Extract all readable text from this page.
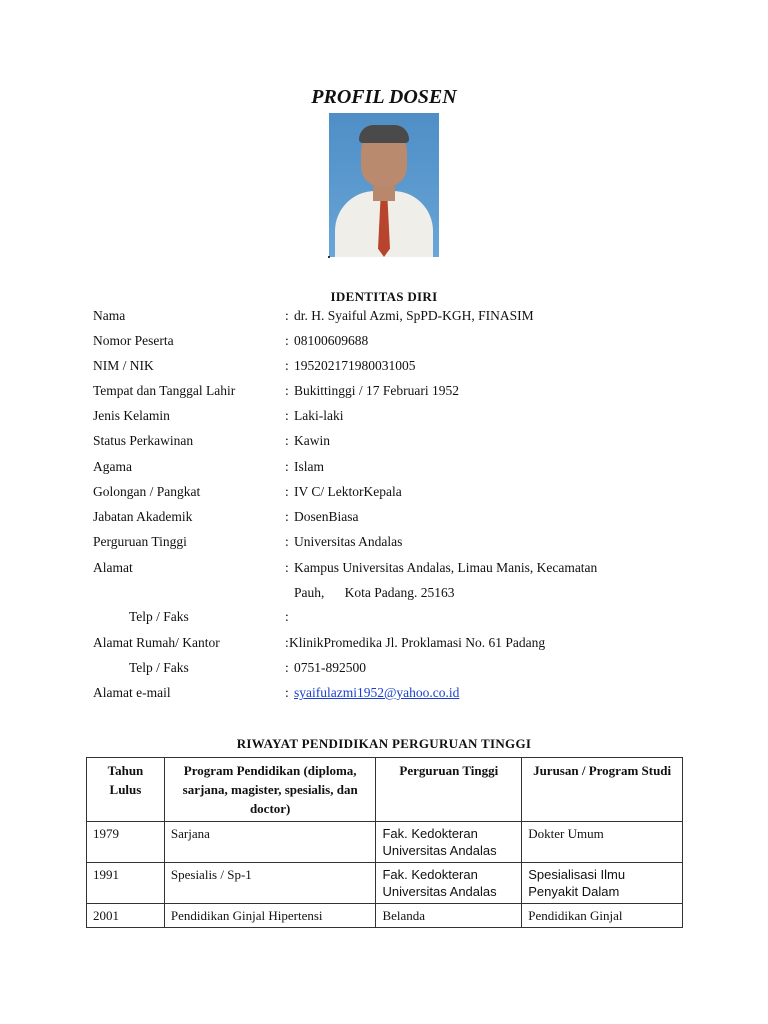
PROFIL DOSEN
IDENTITAS DIRI
Nama	: dr. H. Syaiful Azmi, SpPD-KGH, FINASIM
Nomor Peserta	: 08100609688
NIM / NIK	: 195202171980031005
Tempat dan Tanggal Lahir	: Bukittinggi / 17 Februari 1952
Jenis Kelamin	: Laki-laki
Status Perkawinan	: Kawin
Agama	: Islam
Golongan / Pangkat	: IV C/ LektorKepala
Jabatan Akademik	: DosenBiasa
Perguruan Tinggi	: Universitas Andalas
Alamat	: Kampus Universitas Andalas, Limau Manis, Kecamatan
Pauh,      Kota Padang. 25163
Telp / Faks	:
Alamat Rumah/ Kantor	: KlinikPromedika Jl. Proklamasi No. 61 Padang
Telp / Faks	: 0751-892500
Alamat e-mail	: syaifulazmi1952@yahoo.co.id
RIWAYAT PENDIDIKAN PERGURUAN TINGGI
Tahun Lulus	Program Pendidikan (diploma, sarjana, magister, spesialis, dan doctor)	Perguruan Tinggi	Jurusan / Program Studi
1979	Sarjana	Fak. Kedokteran Universitas Andalas	Dokter Umum
1991	Spesialis / Sp-1	Fak. Kedokteran Universitas Andalas	Spesialisasi Ilmu Penyakit Dalam
2001	Pendidikan Ginjal Hipertensi	Belanda	Pendidikan Ginjal
